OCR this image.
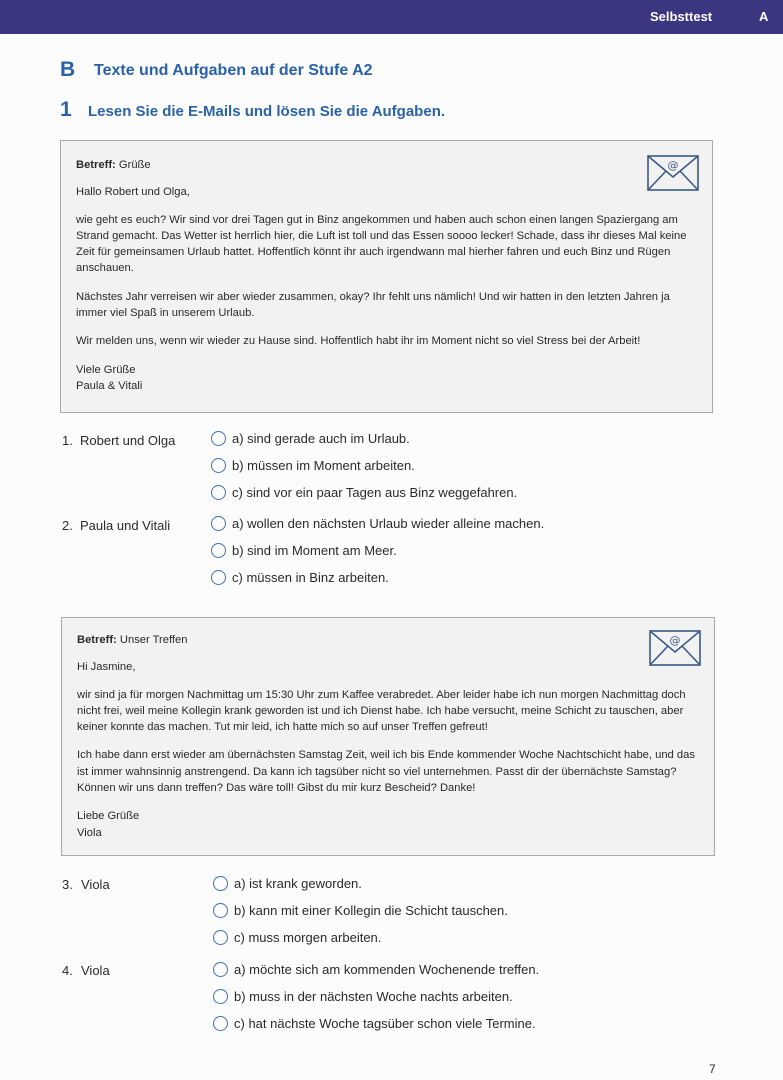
Selbsttest	A
B Texte und Aufgaben auf der Stufe A2
1 Lesen Sie die E-Mails und lösen Sie die Aufgaben.
@

Betreff: Grüße

Hallo Robert und Olga,

wie geht es euch? Wir sind vor drei Tagen gut in Binz angekommen und haben auch schon einen langen Spaziergang am Strand gemacht. Das Wetter ist herrlich hier, die Luft ist toll und das Essen soooo lecker! Schade, dass ihr dieses Mal keine Zeit für gemeinsamen Urlaub hattet. Hoffentlich könnt ihr auch irgendwann mal hierher fahren und euch Binz und Rügen anschauen.

Nächstes Jahr verreisen wir aber wieder zusammen, okay? Ihr fehlt uns nämlich! Und wir hatten in den letzten Jahren ja immer viel Spaß in unserem Urlaub.

Wir melden uns, wenn wir wieder zu Hause sind. Hoffentlich habt ihr im Moment nicht so viel Stress bei der Arbeit!

Viele Grüße

Paula & Vitali

1. Robert und Olga	a) sind gerade auch im Urlaub.
b) müssen im Moment arbeiten.
c) sind vor ein paar Tagen aus Binz weggefahren.
2. Paula und Vitali	a) wollen den nächsten Urlaub wieder alleine machen.
b) sind im Moment am Meer.
c) müssen in Binz arbeiten.
@

Betreff: Unser Treffen

Hi Jasmine,

wir sind ja für morgen Nachmittag um 15:30 Uhr zum Kaffee verabredet. Aber leider habe ich nun morgen Nachmittag doch nicht frei, weil meine Kollegin krank geworden ist und ich Dienst habe. Ich habe versucht, meine Schicht zu tauschen, aber keiner konnte das machen. Tut mir leid, ich hatte mich so auf unser Treffen gefreut!

Ich habe dann erst wieder am übernächsten Samstag Zeit, weil ich bis Ende kommender Woche Nachtschicht habe, und das ist immer wahnsinnig anstrengend. Da kann ich tagsüber nicht so viel unternehmen. Passt dir der übernächste Samstag? Können wir uns dann treffen? Das wäre toll! Gibst du mir kurz Bescheid? Danke!

Liebe Grüße

Viola

3. Viola	a) ist krank geworden.
b) kann mit einer Kollegin die Schicht tauschen.
c) muss morgen arbeiten.
4. Viola	a) möchte sich am kommenden Wochenende treffen.
b) muss in der nächsten Woche nachts arbeiten.
c) hat nächste Woche tagsüber schon viele Termine.
7
